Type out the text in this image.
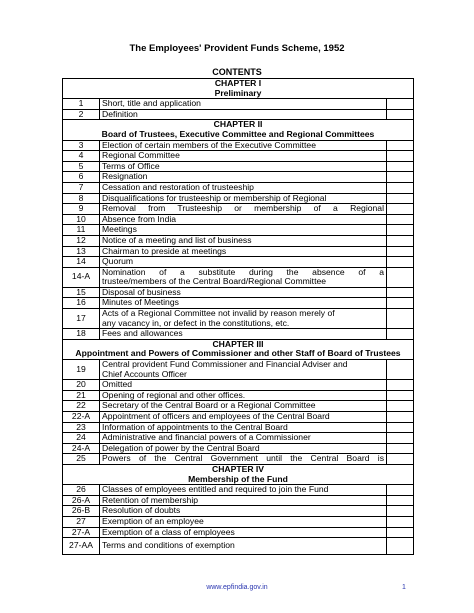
The Employees' Provident Funds Scheme, 1952
CONTENTS
CHAPTER I
Preliminary		

1	Short, title and application	

2	Definition	

CHAPTER II
Board of Trustees, Executive Committee and Regional Committees		

3	Election of certain members of the Executive Committee	

4	Regional Committee	

5	Terms of Office	

6	Resignation	

7	Cessation and restoration of trusteeship	

8	Disqualifications for trusteeship or membership of Regional	

9	Removal from Trusteeship or membership of a Regional	

10	Absence from India	

11	Meetings	

12	Notice of a meeting and list of business	

13	Chairman to preside at meetings	

14	Quorum	

14-A	Nomination of a substitute during the absence of a
trustee/members of the Central Board/Regional Committee	

15	Disposal of business	

16	Minutes of Meetings	

17	Acts of a Regional Committee not invalid by reason merely of
any vacancy in, or defect in the constitutions, etc.	

18	Fees and allowances	

CHAPTER III
Appointment and Powers of Commissioner and other Staff of Board of Trustees		

19	Central provident Fund Commissioner and Financial Adviser and
Chief Accounts Officer	

20	Omitted	

21	Opening of regional and other offices.	

22	Secretary of the Central Board or a Regional Committee	

22-A	Appointment of officers and employees of the Central Board	

23	Information of appointments to the Central Board	

24	Administrative and financial powers of a Commissioner	

24-A	Delegation of power by the Central Board	

25	Powers of the Central Government until the Central Board is	

CHAPTER IV
Membership of the Fund		

26	Classes of employees entitled and required to join the Fund	

26-A	Retention of membership	

26-B	Resolution of doubts	

27	Exemption of an employee	

27-A	Exemption of a class of employees	

27-AA	Terms and conditions of exemption	

www.epfindia.gov.in	1
